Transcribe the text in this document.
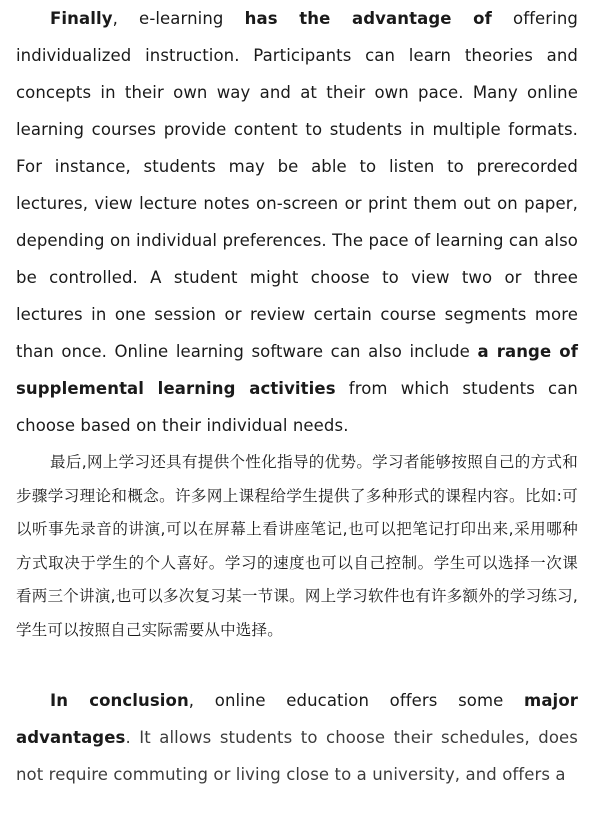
Finally, e-learning has the advantage of offering individualized instruction. Participants can learn theories and concepts in their own way and at their own pace. Many online learning courses provide content to students in multiple formats. For instance, students may be able to listen to prerecorded lectures, view lecture notes on-screen or print them out on paper, depending on individual preferences. The pace of learning can also be controlled. A student might choose to view two or three lectures in one session or review certain course segments more than once. Online learning software can also include a range of supplemental learning activities from which students can choose based on their individual needs.

最后,网上学习还具有提供个性化指导的优势。学习者能够按照自己的方式和步骤学习理论和概念。许多网上课程给学生提供了多种形式的课程内容。比如:可以听事先录音的讲演,可以在屏幕上看讲座笔记,也可以把笔记打印出来,采用哪种方式取决于学生的个人喜好。学习的速度也可以自己控制。学生可以选择一次课看两三个讲演,也可以多次复习某一节课。网上学习软件也有许多额外的学习练习,学生可以按照自己实际需要从中选择。

In conclusion, online education offers some major advantages. It allows students to choose their schedules, does not require commuting or living close to a university, and offers a
